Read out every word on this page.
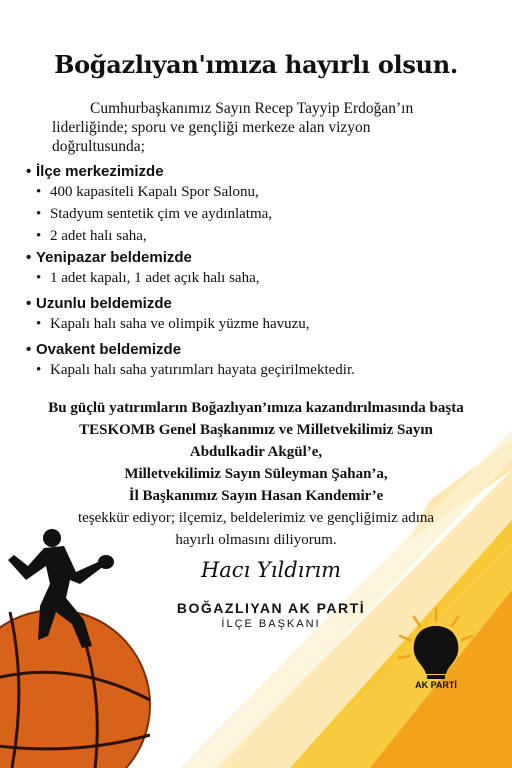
Boğazlıyan'ımıza hayırlı olsun.
Cumhurbaşkanımız Sayın Recep Tayyip Erdoğan’ın
liderliğinde; sporu ve gençliği merkeze alan vizyon
doğrultusunda;
• İlçe merkezimizde
• 400 kapasiteli Kapalı Spor Salonu,
• Stadyum sentetik çim ve aydınlatma,
• 2 adet halı saha,
• Yenipazar beldemizde
• 1 adet kapalı, 1 adet açık halı saha,
• Uzunlu beldemizde
• Kapalı halı saha ve olimpik yüzme havuzu,
• Ovakent beldemizde
• Kapalı halı saha yatırımları hayata geçirilmektedir.
Bu güçlü yatırımların Boğazlıyan’ımıza kazandırılmasında başta
TESKOMB Genel Başkanımız ve Milletvekilimiz Sayın
Abdulkadir Akgül’e,
Milletvekilimiz Sayın Süleyman Şahan’a,
İl Başkanımız Sayın Hasan Kandemir’e
teşekkür ediyor; ilçemiz, beldelerimiz ve gençliğimiz adına
hayırlı olmasını diliyorum.
Hacı Yıldırım
BOĞAZLIYAN AK PARTİ
İLÇE BAŞKANI
AK PARTİ
